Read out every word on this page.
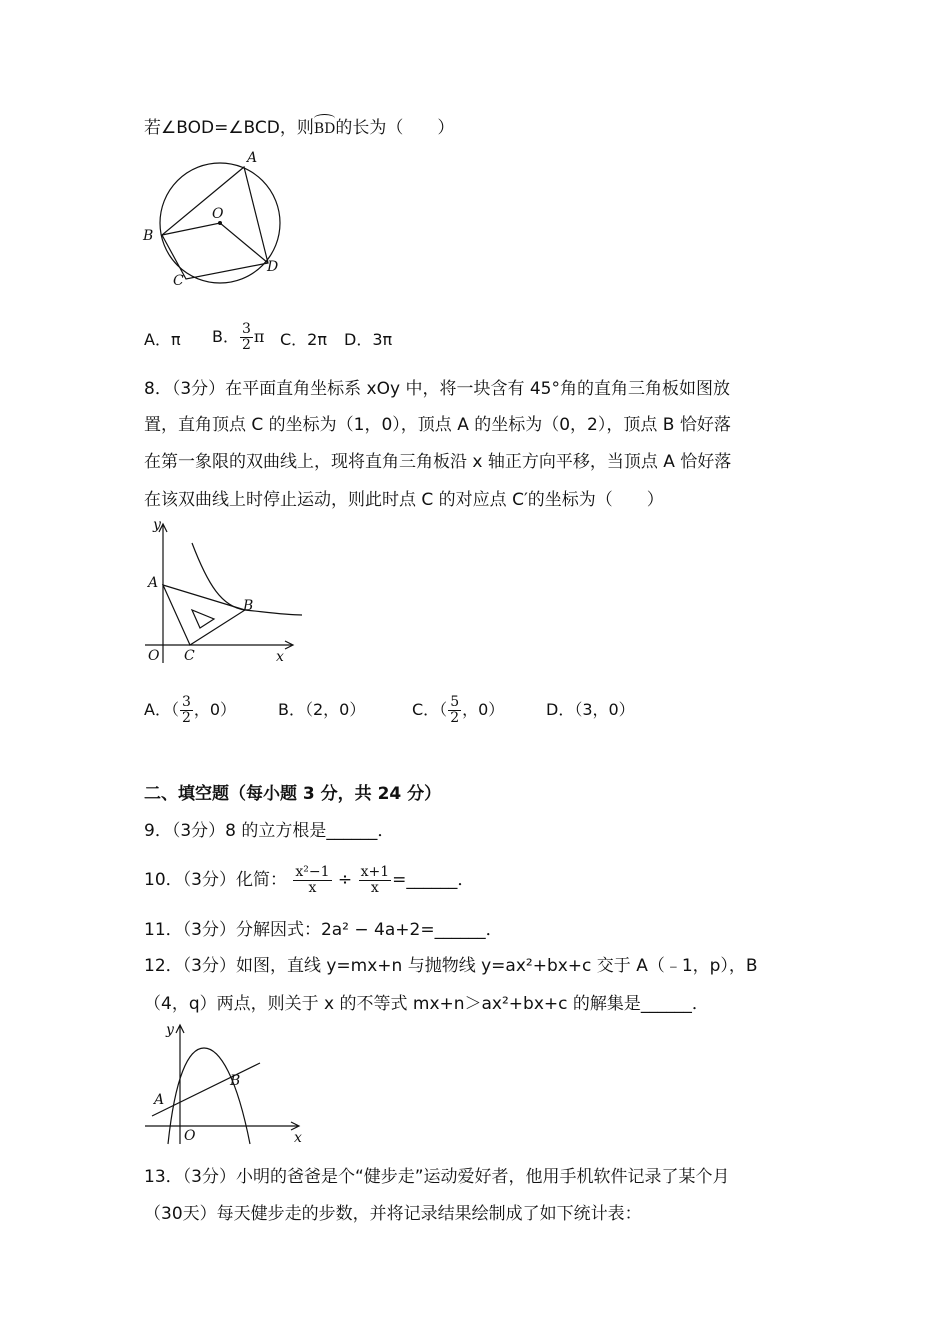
若∠BOD=∠BCD，则BD的长为（　　）
A
O
B
C
D
A．π B． $\frac{3}{2}$ π C．2π D．3π
8．（3分）在平面直角坐标系 xOy 中，将一块含有 45°角的直角三角板如图放
置，直角顶点 C 的坐标为（1，0），顶点 A 的坐标为（0，2），顶点 B 恰好落
在第一象限的双曲线上，现将直角三角板沿 x 轴正方向平移，当顶点 A 恰好落
在该双曲线上时停止运动，则此时点 C 的对应点 C′的坐标为（　　）
y
A
B
O C	x
A．（ $\frac{3}{2}$ ，0）	B．（2，0）	C．（ $\frac{5}{2}$ ，0）	D．（3，0）
二、填空题（每小题 3 分，共 24 分）
9．（3分）8 的立方根是______．
10．（3分）化简： $\frac{\text{x²−1}}{x} \div \frac{x+1}{x}$ =______．
11．（3分）分解因式：2a² − 4a+2=______．
12．（3分）如图，直线 y=mx+n 与抛物线 y=ax²+bx+c 交于 A（﹣1，p），B
（4，q）两点，则关于 x 的不等式 mx+n＞ax²+bx+c 的解集是______．
y
A
B
O	x
13．（3分）小明的爸爸是个“健步走”运动爱好者，他用手机软件记录了某个月
（30天）每天健步走的步数，并将记录结果绘制成了如下统计表：
